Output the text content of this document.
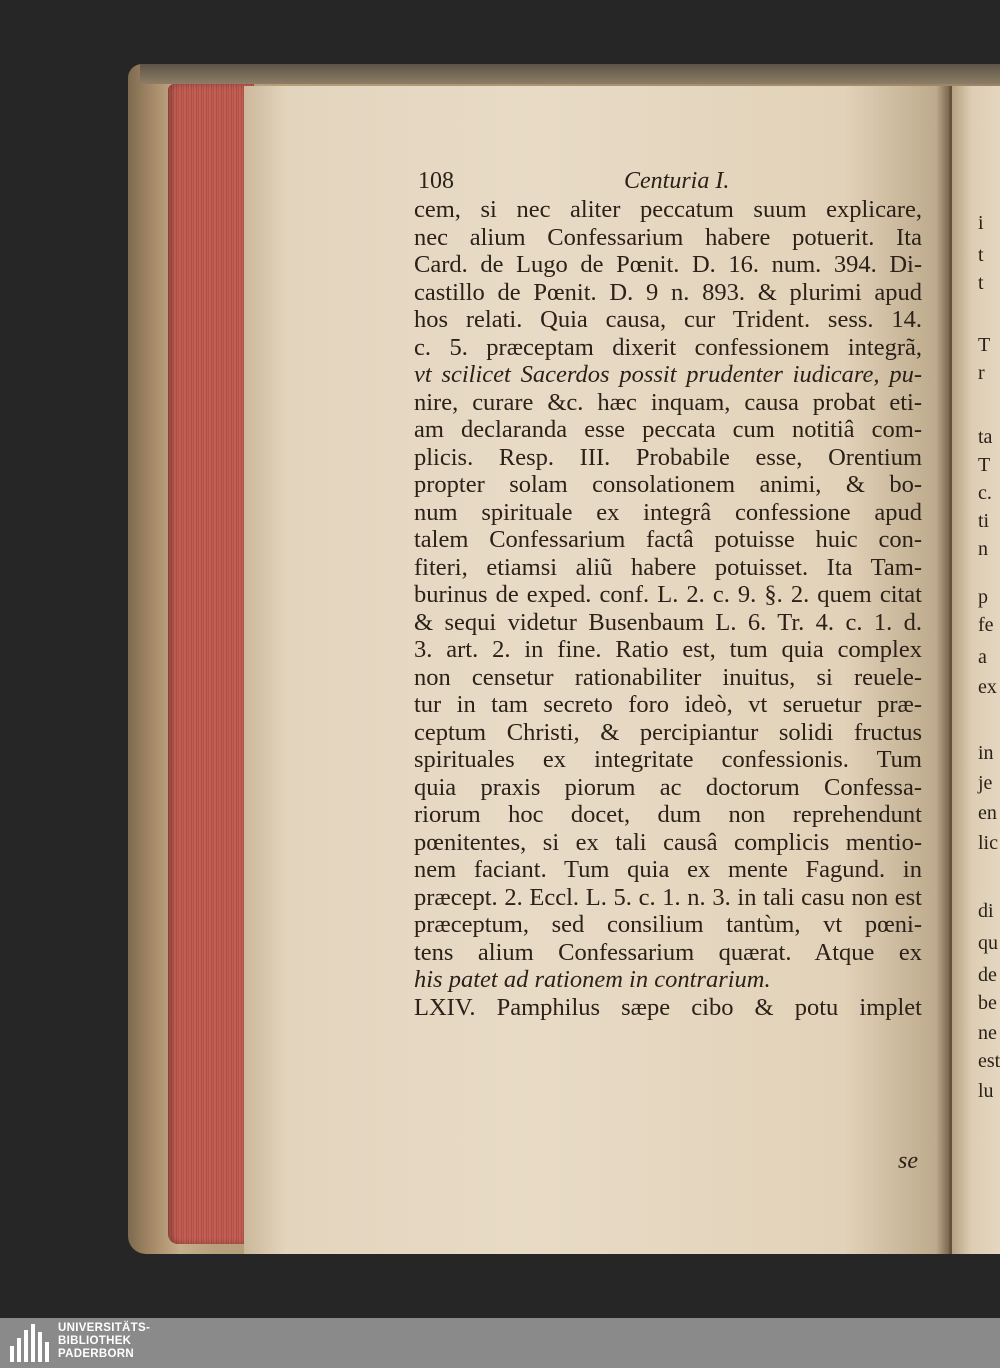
i
t
t
T
r
ta
T
c.
ti
n
p
fe
a
ex
in
je
en
lic
di
qu
de
be
ne
est
lu
108	Centuria I.
cem, si nec aliter peccatum suum explicare,
nec alium Confessarium habere potuerit. Ita
Card. de Lugo de Pœnit. D. 16. num. 394. Di-
castillo de Pœnit. D. 9 n. 893. & plurimi apud
hos relati. Quia causa, cur Trident. sess. 14.
c. 5. præceptam dixerit confessionem integrã,
vt scilicet Sacerdos possit prudenter iudicare, pu-
nire, curare &c. hæc inquam, causa probat eti-
am declaranda esse peccata cum notitiâ com-
plicis. Resp. III. Probabile esse, Orentium
propter solam consolationem animi, & bo-
num spirituale ex integrâ confessione apud
talem Confessarium factâ potuisse huic con-
fiteri, etiamsi aliũ habere potuisset. Ita Tam-
burinus de exped. conf. L. 2. c. 9. §. 2. quem citat
& sequi videtur Busenbaum L. 6. Tr. 4. c. 1. d.
3. art. 2. in fine. Ratio est, tum quia complex
non censetur rationabiliter inuitus, si reuele-
tur in tam secreto foro ideò, vt seruetur præ-
ceptum Christi, & percipiantur solidi fructus
spirituales ex integritate confessionis. Tum
quia praxis piorum ac doctorum Confessa-
riorum hoc docet, dum non reprehendunt
pœnitentes, si ex tali causâ complicis mentio-
nem faciant. Tum quia ex mente Fagund. in
præcept. 2. Eccl. L. 5. c. 1. n. 3. in tali casu non est
præceptum, sed consilium tantùm, vt pœni-
tens alium Confessarium quærat. Atque ex
his patet ad rationem in contrarium.
LXIV. Pamphilus sæpe cibo & potu implet
se
UNIVERSITÄTS-
BIBLIOTHEK
PADERBORN
